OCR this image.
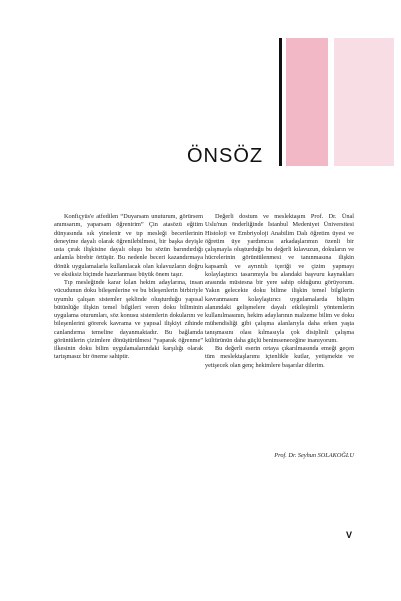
ÖNSÖZ

Konfiçyüs'e atfedilen “Duyarsam unuturum, görürsem anımsarım, yaparsam öğrenirim” Çin atasözü eğitim dünyasında sık yinelenir ve tıp mesleği becerilerinin deneyime dayalı olarak öğrenilebilmesi, bir başka deyişle usta çırak ilişkisine dayalı oluşu bu sözün barındırdığı anlamla birebir örtüşür. Bu nedenle beceri kazandırmaya dönük uygulamalarla kullanılacak olan kılavuzların doğru ve eksiksiz biçimde hazırlanması büyük önem taşır.

Tıp mesleğinde karar kılan hekim adaylarına, insan vücudunun doku bileşenlerine ve bu bileşenlerin birbiriyle uyumlu çalışan sistemler şeklinde oluşturduğu yapısal bütünlüğe ilişkin temel bilgileri veren doku biliminin uygulama oturumları, söz konusu sistemlerin dokularını ve bileşenlerini görerek kavrama ve yapısal ilişkiyi zihinde canlandırma temeline dayanmaktadır. Bu bağlamda görüntülerin çizimlere dönüştürülmesi “yaparak öğrenme” ilkesinin doku bilim uygulamalarındaki karşılığı olarak tartışmasız bir öneme sahiptir.

Değerli dostum ve meslektaşım Prof. Dr. Ünal Uslu'nun önderliğinde İstanbul Medeniyet Üniversitesi Histoloji ve Embriyoloji Anabilim Dalı öğretim üyesi ve öğretim üye yardımcısı arkadaşlarımın özenli bir çalışmayla oluşturduğu bu değerli kılavuzun, dokuların ve hücrelerinin görüntülenmesi ve tanınmasına ilişkin kapsamlı ve ayrıntılı içeriği ve çizim yapmayı kolaylaştırıcı tasarımıyla bu alandaki başvuru kaynakları arasında müstesna bir yere sahip olduğunu görüyorum. Yakın gelecekte doku bilime ilişkin temel bilgilerin kavranmasını kolaylaştırıcı uygulamalarda bilişim alanındaki gelişmelere dayalı etkileşimli yöntemlerin kullanılmasının, hekim adaylarının malzeme bilim ve doku mühendisliği gibi çalışma alanlarıyla daha erken yaşta tanışmasını olası kılmasıyla çok disiplinli çalışma kültürünün daha güçlü benimseneceğine inanıyorum.

Bu değerli eserin ortaya çıkarılmasında emeği geçen tüm meslektaşlarımı içtenlikle kutlar, yetişmekte ve yetişecek olan genç hekimlere başarılar dilerim.

Prof. Dr. Seyhun SOLAKOĞLU
V
